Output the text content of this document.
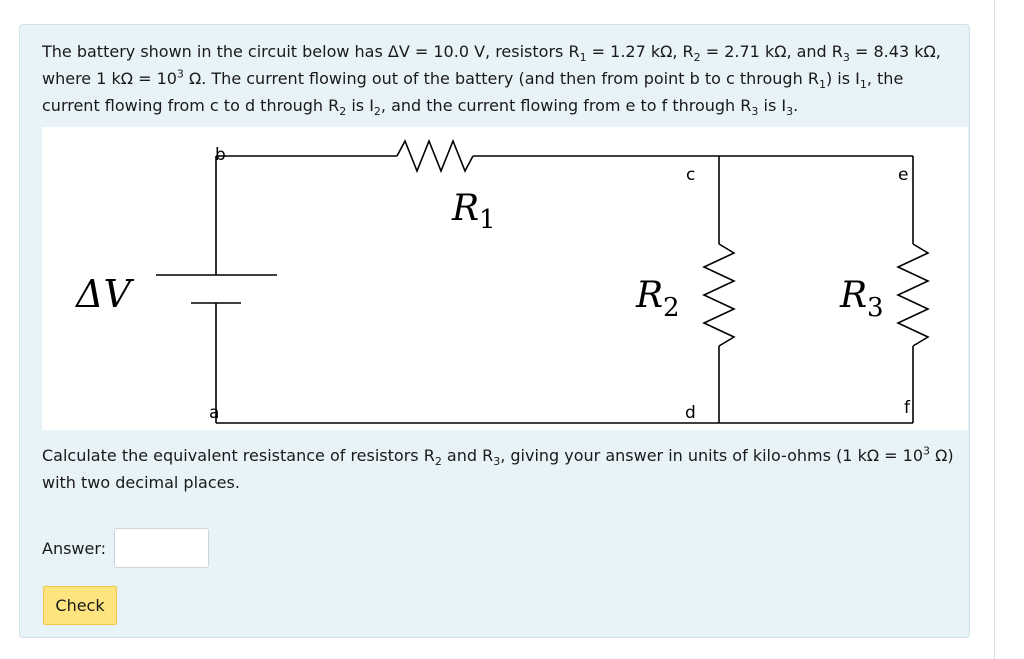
The battery shown in the circuit below has ΔV = 10.0 V, resistors $R_1 = 1.27$ kΩ, $R_2 = 2.71$ kΩ, and $R_3 = 8.43$ kΩ, where 1 $k\Omega = 10^3$ Ω. The current flowing out of the battery (and then from point b to c through $R_1$) is $I_1$, the current flowing from c to d through $R_2$ is $I_2$, and the current flowing from e to f through $R_3$ is $I_3$.
ΔV
R 1
R 2	R 3
b
a
c
d
e
f
Calculate the equivalent resistance of resistors $R_2$ and $R_3$, giving your answer in units of kilo-ohms (1 $k\Omega = 10^3$ Ω) with two decimal places.
Answer:
Check
